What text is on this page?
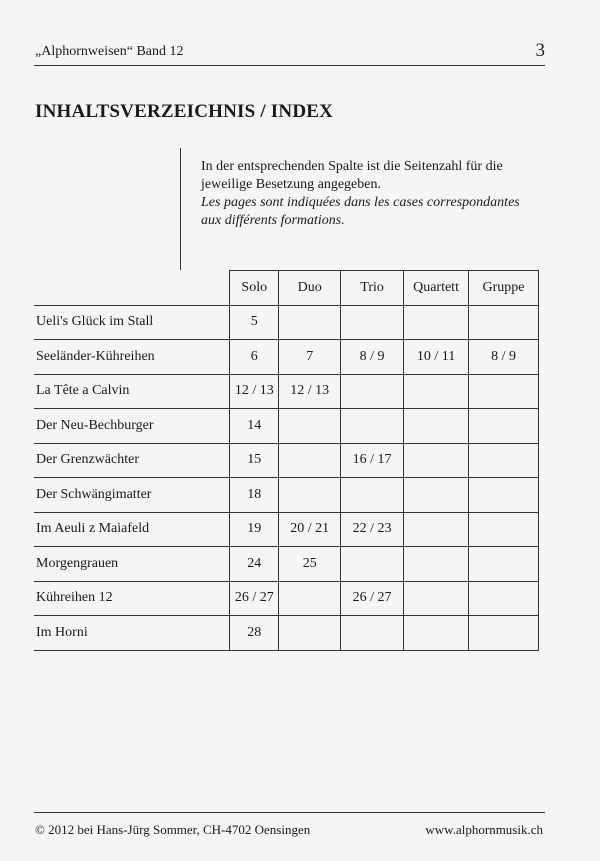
„Alphornweisen“ Band 12	3
INHALTSVERZEICHNIS / INDEX
In der entsprechenden Spalte ist die Seitenzahl für die
jeweilige Besetzung angegeben.
Les pages sont indiquées dans les cases correspondantes
aux différents formations.
	Solo	Duo	Trio	Quartett	Gruppe
Ueli's Glück im Stall	5				
Seeländer-Kühreihen	6	7	8 / 9	10 / 11	8 / 9
La Tête a Calvin	12 / 13	12 / 13			
Der Neu-Bechburger	14				
Der Grenzwächter	15		16 / 17		
Der Schwängimatter	18				
Im Aeuli z Maiafeld	19	20 / 21	22 / 23		
Morgengrauen	24	25			
Kühreihen 12	26 / 27		26 / 27		
Im Horni	28				
© 2012 bei Hans-Jürg Sommer, CH-4702 Oensingen	www.alphornmusik.ch
